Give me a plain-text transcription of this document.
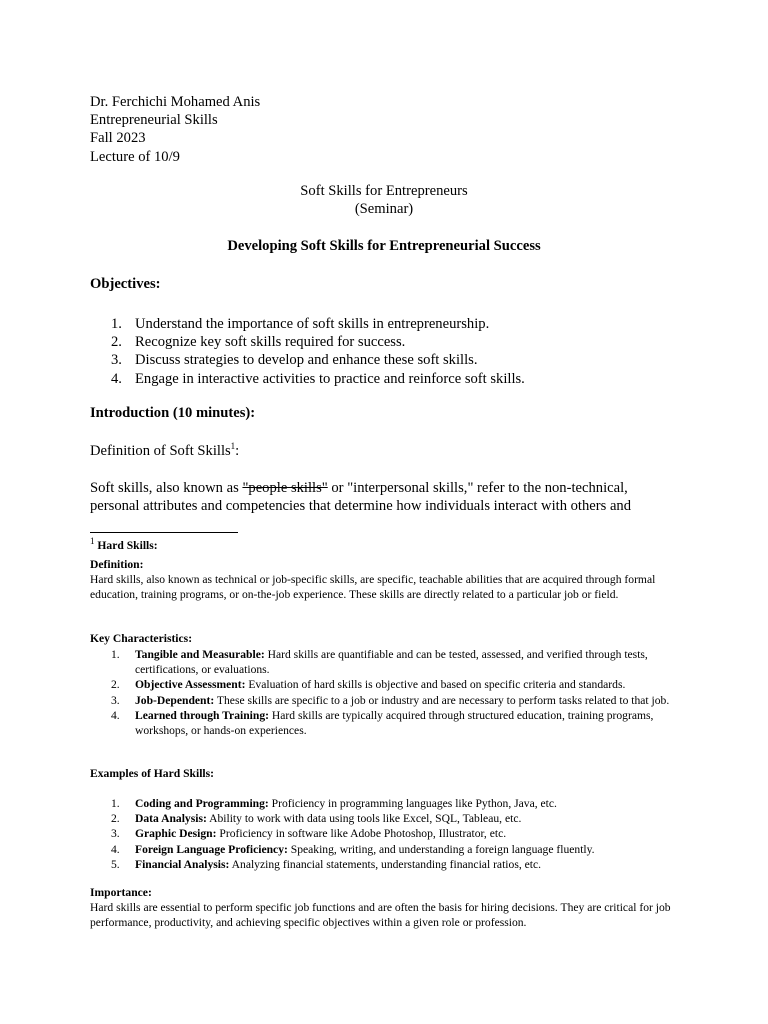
Dr. Ferchichi Mohamed Anis
Entrepreneurial Skills
Fall 2023
Lecture of 10/9
Soft Skills for Entrepreneurs
(Seminar)
Developing Soft Skills for Entrepreneurial Success
Objectives:
1. Understand the importance of soft skills in entrepreneurship.
2. Recognize key soft skills required for success.
3. Discuss strategies to develop and enhance these soft skills.
4. Engage in interactive activities to practice and reinforce soft skills.
Introduction (10 minutes):
Definition of Soft Skills$^1$:
Soft skills, also known as "people skills" or "interpersonal skills," refer to the non-technical,
personal attributes and competencies that determine how individuals interact with others and
$^1$ Hard Skills:
Definition:
Hard skills, also known as technical or job-specific skills, are specific, teachable abilities that are acquired through formal education, training programs, or on-the-job experience. These skills are directly related to a particular job or field.
Key Characteristics:
1. Tangible and Measurable: Hard skills are quantifiable and can be tested, assessed, and verified through tests, certifications, or evaluations.
2. Objective Assessment: Evaluation of hard skills is objective and based on specific criteria and standards.
3. Job-Dependent: These skills are specific to a job or industry and are necessary to perform tasks related to that job.
4. Learned through Training: Hard skills are typically acquired through structured education, training programs, workshops, or hands-on experiences.
Examples of Hard Skills:
1. Coding and Programming: Proficiency in programming languages like Python, Java, etc.
2. Data Analysis: Ability to work with data using tools like Excel, SQL, Tableau, etc.
3. Graphic Design: Proficiency in software like Adobe Photoshop, Illustrator, etc.
4. Foreign Language Proficiency: Speaking, writing, and understanding a foreign language fluently.
5. Financial Analysis: Analyzing financial statements, understanding financial ratios, etc.
Importance:
Hard skills are essential to perform specific job functions and are often the basis for hiring decisions. They are critical for job performance, productivity, and achieving specific objectives within a given role or profession.
